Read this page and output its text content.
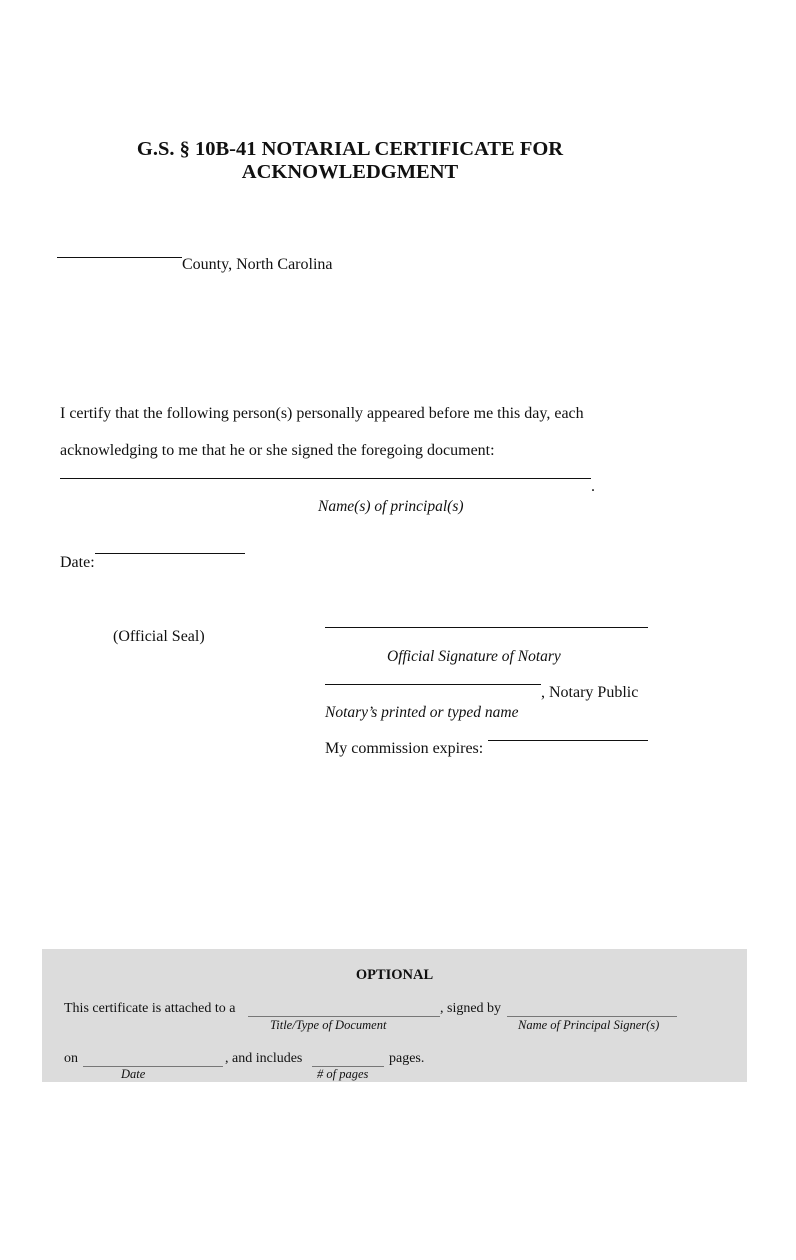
G.S. § 10B-41 NOTARIAL CERTIFICATE FOR
ACKNOWLEDGMENT
County, North Carolina
I certify that the following person(s) personally appeared before me this day, each
acknowledging to me that he or she signed the foregoing document:
.
Name(s) of principal(s)
Date:
(Official Seal)
Official Signature of Notary
, Notary Public
Notary’s printed or typed name
My commission expires:
OPTIONAL
This certificate is attached to a	, signed by
Title/Type of Document	Name of Principal Signer(s)
on	, and includes	pages.
Date	# of pages
